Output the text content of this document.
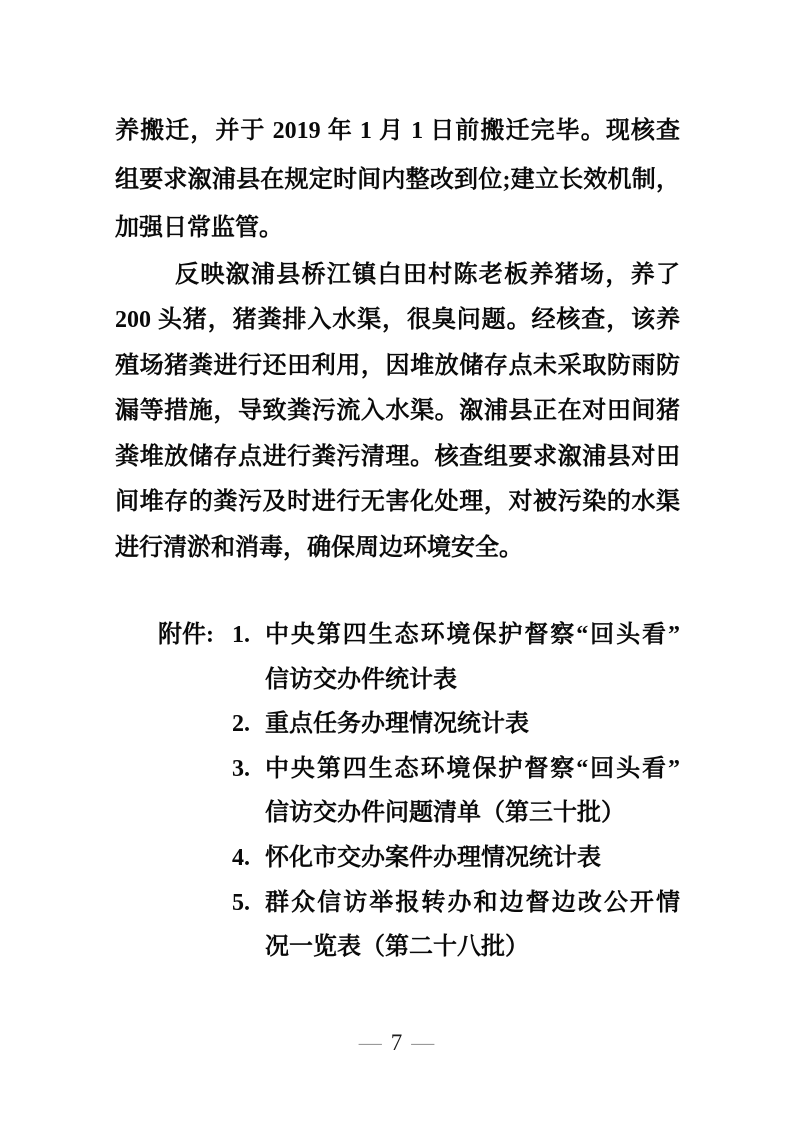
养搬迁，并于 2019 年 1 月 1 日前搬迁完毕。现核查
组要求溆浦县在规定时间内整改到位;建立长效机制，
加强日常监管。
反映溆浦县桥江镇白田村陈老板养猪场，养了
200 头猪，猪粪排入水渠，很臭问题。经核查，该养
殖场猪粪进行还田利用，因堆放储存点未采取防雨防
漏等措施，导致粪污流入水渠。溆浦县正在对田间猪
粪堆放储存点进行粪污清理。核查组要求溆浦县对田
间堆存的粪污及时进行无害化处理，对被污染的水渠
进行清淤和消毒，确保周边环境安全。
附件: 1. 中央第四生态环境保护督察“回头看”
信访交办件统计表
2. 重点任务办理情况统计表
3. 中央第四生态环境保护督察“回头看”
信访交办件问题清单（第三十批）
4. 怀化市交办案件办理情况统计表
5. 群众信访举报转办和边督边改公开情
况一览表（第二十八批）
— 7 —
